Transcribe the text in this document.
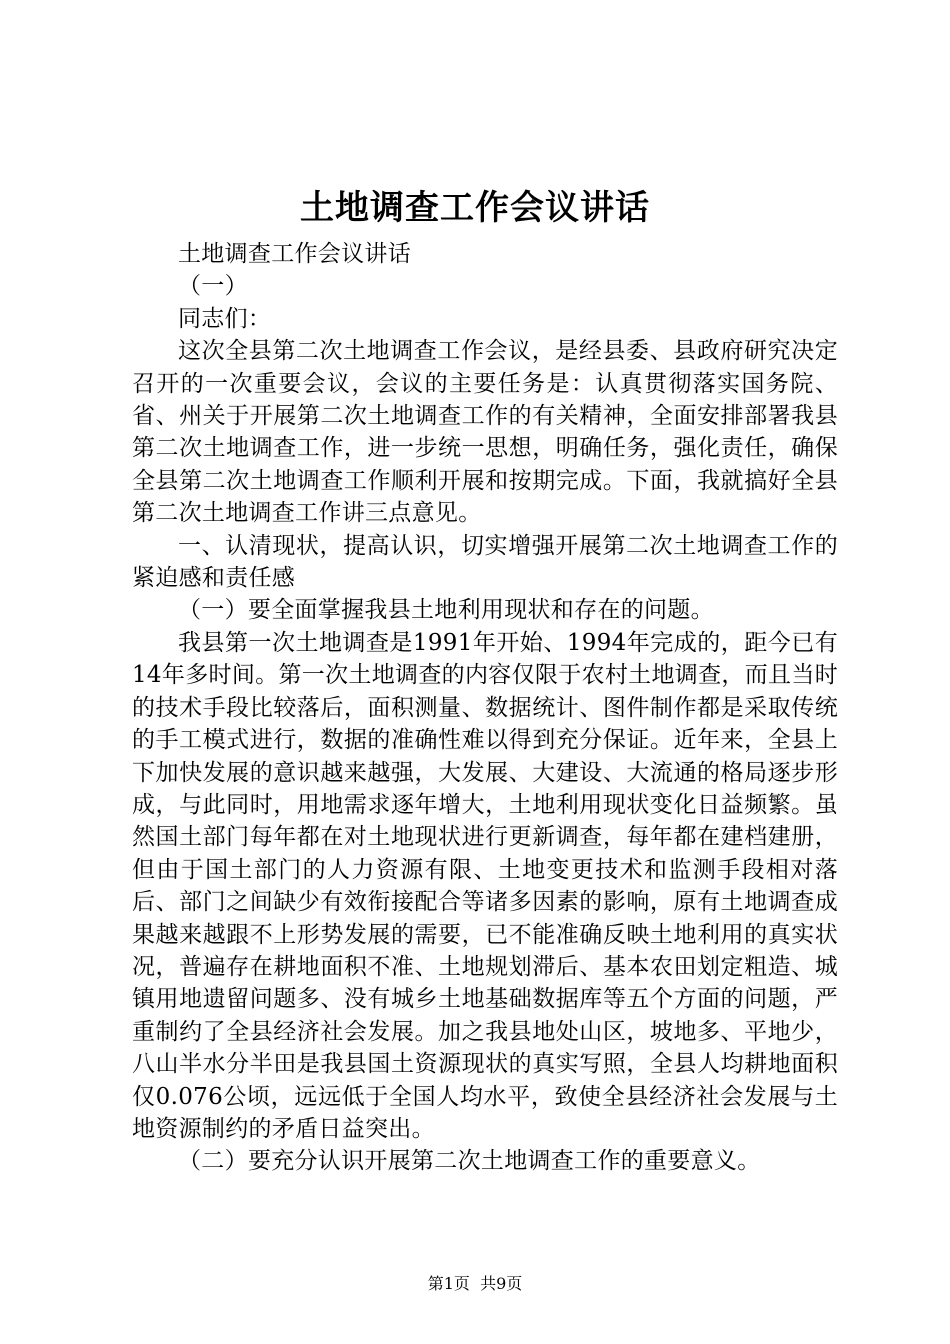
土地调查工作会议讲话

土地调查工作会议讲话

（一）

同志们：

这次全县第二次土地调查工作会议，是经县委、县政府研究决定召开的一次重要会议，会议的主要任务是：认真贯彻落实国务院、省、州关于开展第二次土地调查工作的有关精神，全面安排部署我县第二次土地调查工作，进一步统一思想，明确任务，强化责任，确保全县第二次土地调查工作顺利开展和按期完成。下面，我就搞好全县第二次土地调查工作讲三点意见。

一、认清现状，提高认识，切实增强开展第二次土地调查工作的紧迫感和责任感

（一）要全面掌握我县土地利用现状和存在的问题。

我县第一次土地调查是1991年开始、1994年完成的，距今已有14年多时间。第一次土地调查的内容仅限于农村土地调查，而且当时的技术手段比较落后，面积测量、数据统计、图件制作都是采取传统的手工模式进行，数据的准确性难以得到充分保证。近年来，全县上下加快发展的意识越来越强，大发展、大建设、大流通的格局逐步形成，与此同时，用地需求逐年增大，土地利用现状变化日益频繁。虽然国土部门每年都在对土地现状进行更新调查，每年都在建档建册，但由于国土部门的人力资源有限、土地变更技术和监测手段相对落后、部门之间缺少有效衔接配合等诸多因素的影响，原有土地调查成果越来越跟不上形势发展的需要，已不能准确反映土地利用的真实状况，普遍存在耕地面积不准、土地规划滞后、基本农田划定粗造、城镇用地遗留问题多、没有城乡土地基础数据库等五个方面的问题，严重制约了全县经济社会发展。加之我县地处山区，坡地多、平地少，八山半水分半田是我县国土资源现状的真实写照，全县人均耕地面积仅0.076公顷，远远低于全国人均水平，致使全县经济社会发展与土地资源制约的矛盾日益突出。

（二）要充分认识开展第二次土地调查工作的重要意义。

第1页 共9页
